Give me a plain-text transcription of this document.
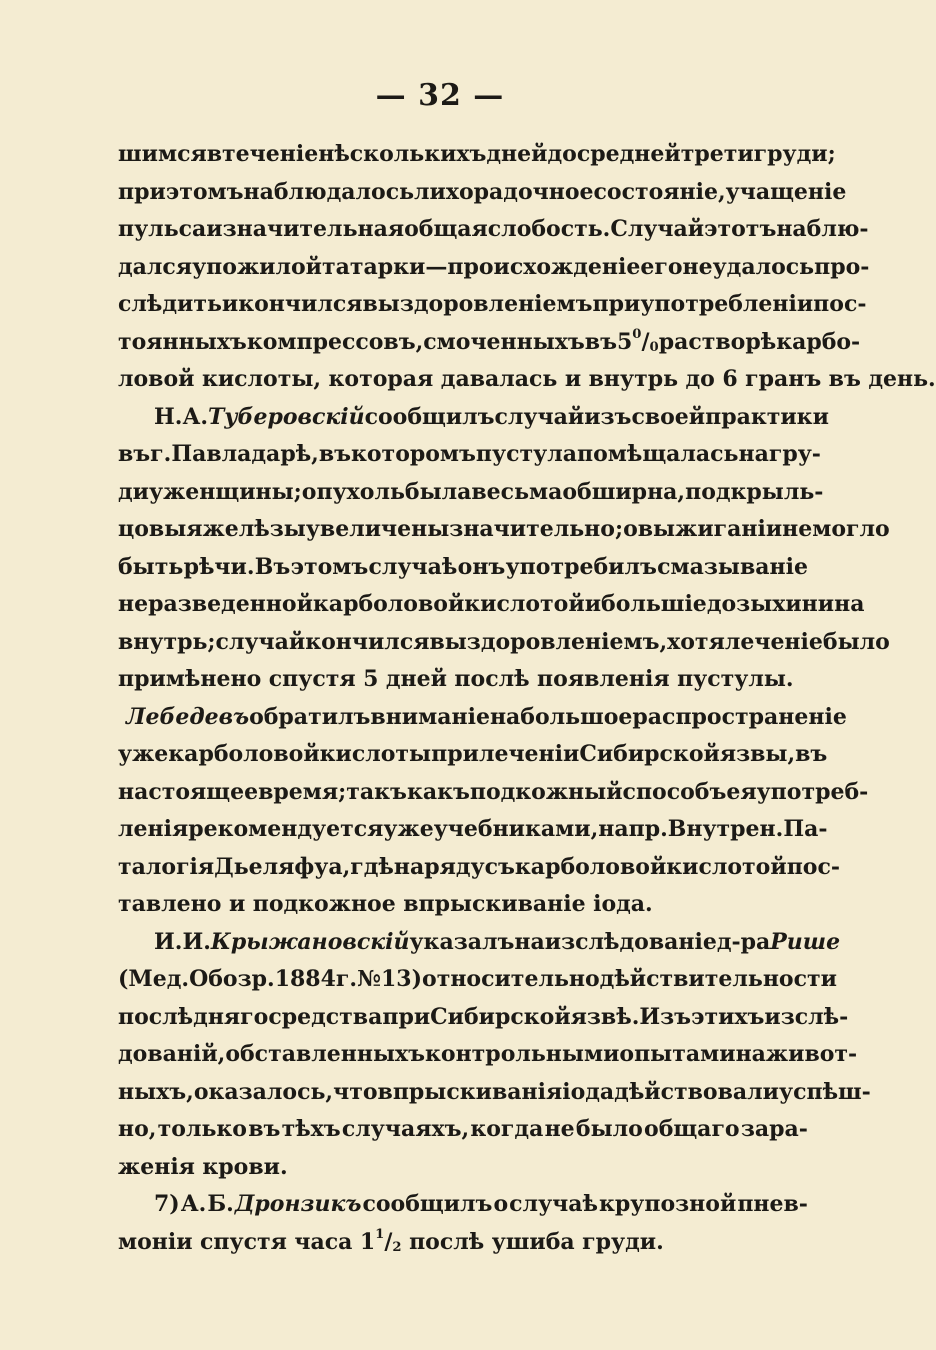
— 32 —
шимся втеченіе нѣсколькихъ дней до средней трети груди;
при этомъ наблюдалось лихорадочное состояніе, учащеніе
пульса и значительная общая слобость. Случай этотъ наблю-
дался у пожилой татарки—происхожденіе его неудалось про-
слѣдить и кончился выздоровленіемъ при употребленіи пос-
тоянныхъ компрессовъ, смоченныхъ въ $5^0/_0$ растворѣ карбо-
ловой кислоты, которая давалась и внутрь до 6 гранъ въ день.
Н. А. Туберовскій сообщилъ случай изъ своей практики
въ г. Павладарѣ, въ которомъ пустула помѣщалась на гру-
ди у женщины; опухоль была весьма обширна, подкрыль-
цовыя желѣзы увеличены значительно; о выжиганіи не могло
быть рѣчи. Въ этомъ случаѣ онъ употребилъ смазываніе
неразведенной карболовой кислотой и большіе дозы хинина
внутрь; случай кончился выздоровленіемъ, хотя леченіе было
примѣнено спустя 5 дней послѣ появленія пустулы.
Лебедевъ обратилъ вниманіе на большое распространеніе
уже карболовой кислоты при леченіи Сибирской язвы, въ
настоящее время; такъ какъ подкожный способъ ея употреб-
ленія рекомендуется уже учебниками, напр. Внутрен. Па-
талогія Дьеляфуа, гдѣ на ряду съ карболовой кислотой пос-
тавлено и подкожное впрыскиваніе іода.
И. И. Крыжановскій указалъ на изслѣдованіе д-ра Рише
(Мед. Обозр. 1884 г. № 13) относительно дѣйствительности
послѣдняго средства при Сибирской язвѣ. Изъ этихъ изслѣ-
дованій, обставленныхъ контрольными опытами на живот-
ныхъ, оказалось, что впрыскиванія іода дѣйствовали успѣш-
но, только въ тѣхъ случаяхъ, когда не было общаго зара-
женія крови.
7) А. Б. Дронзикъ сообщилъ о случаѣ крупозной пнев-
моніи спустя часа $1^1/_2$ послѣ ушиба груди.
